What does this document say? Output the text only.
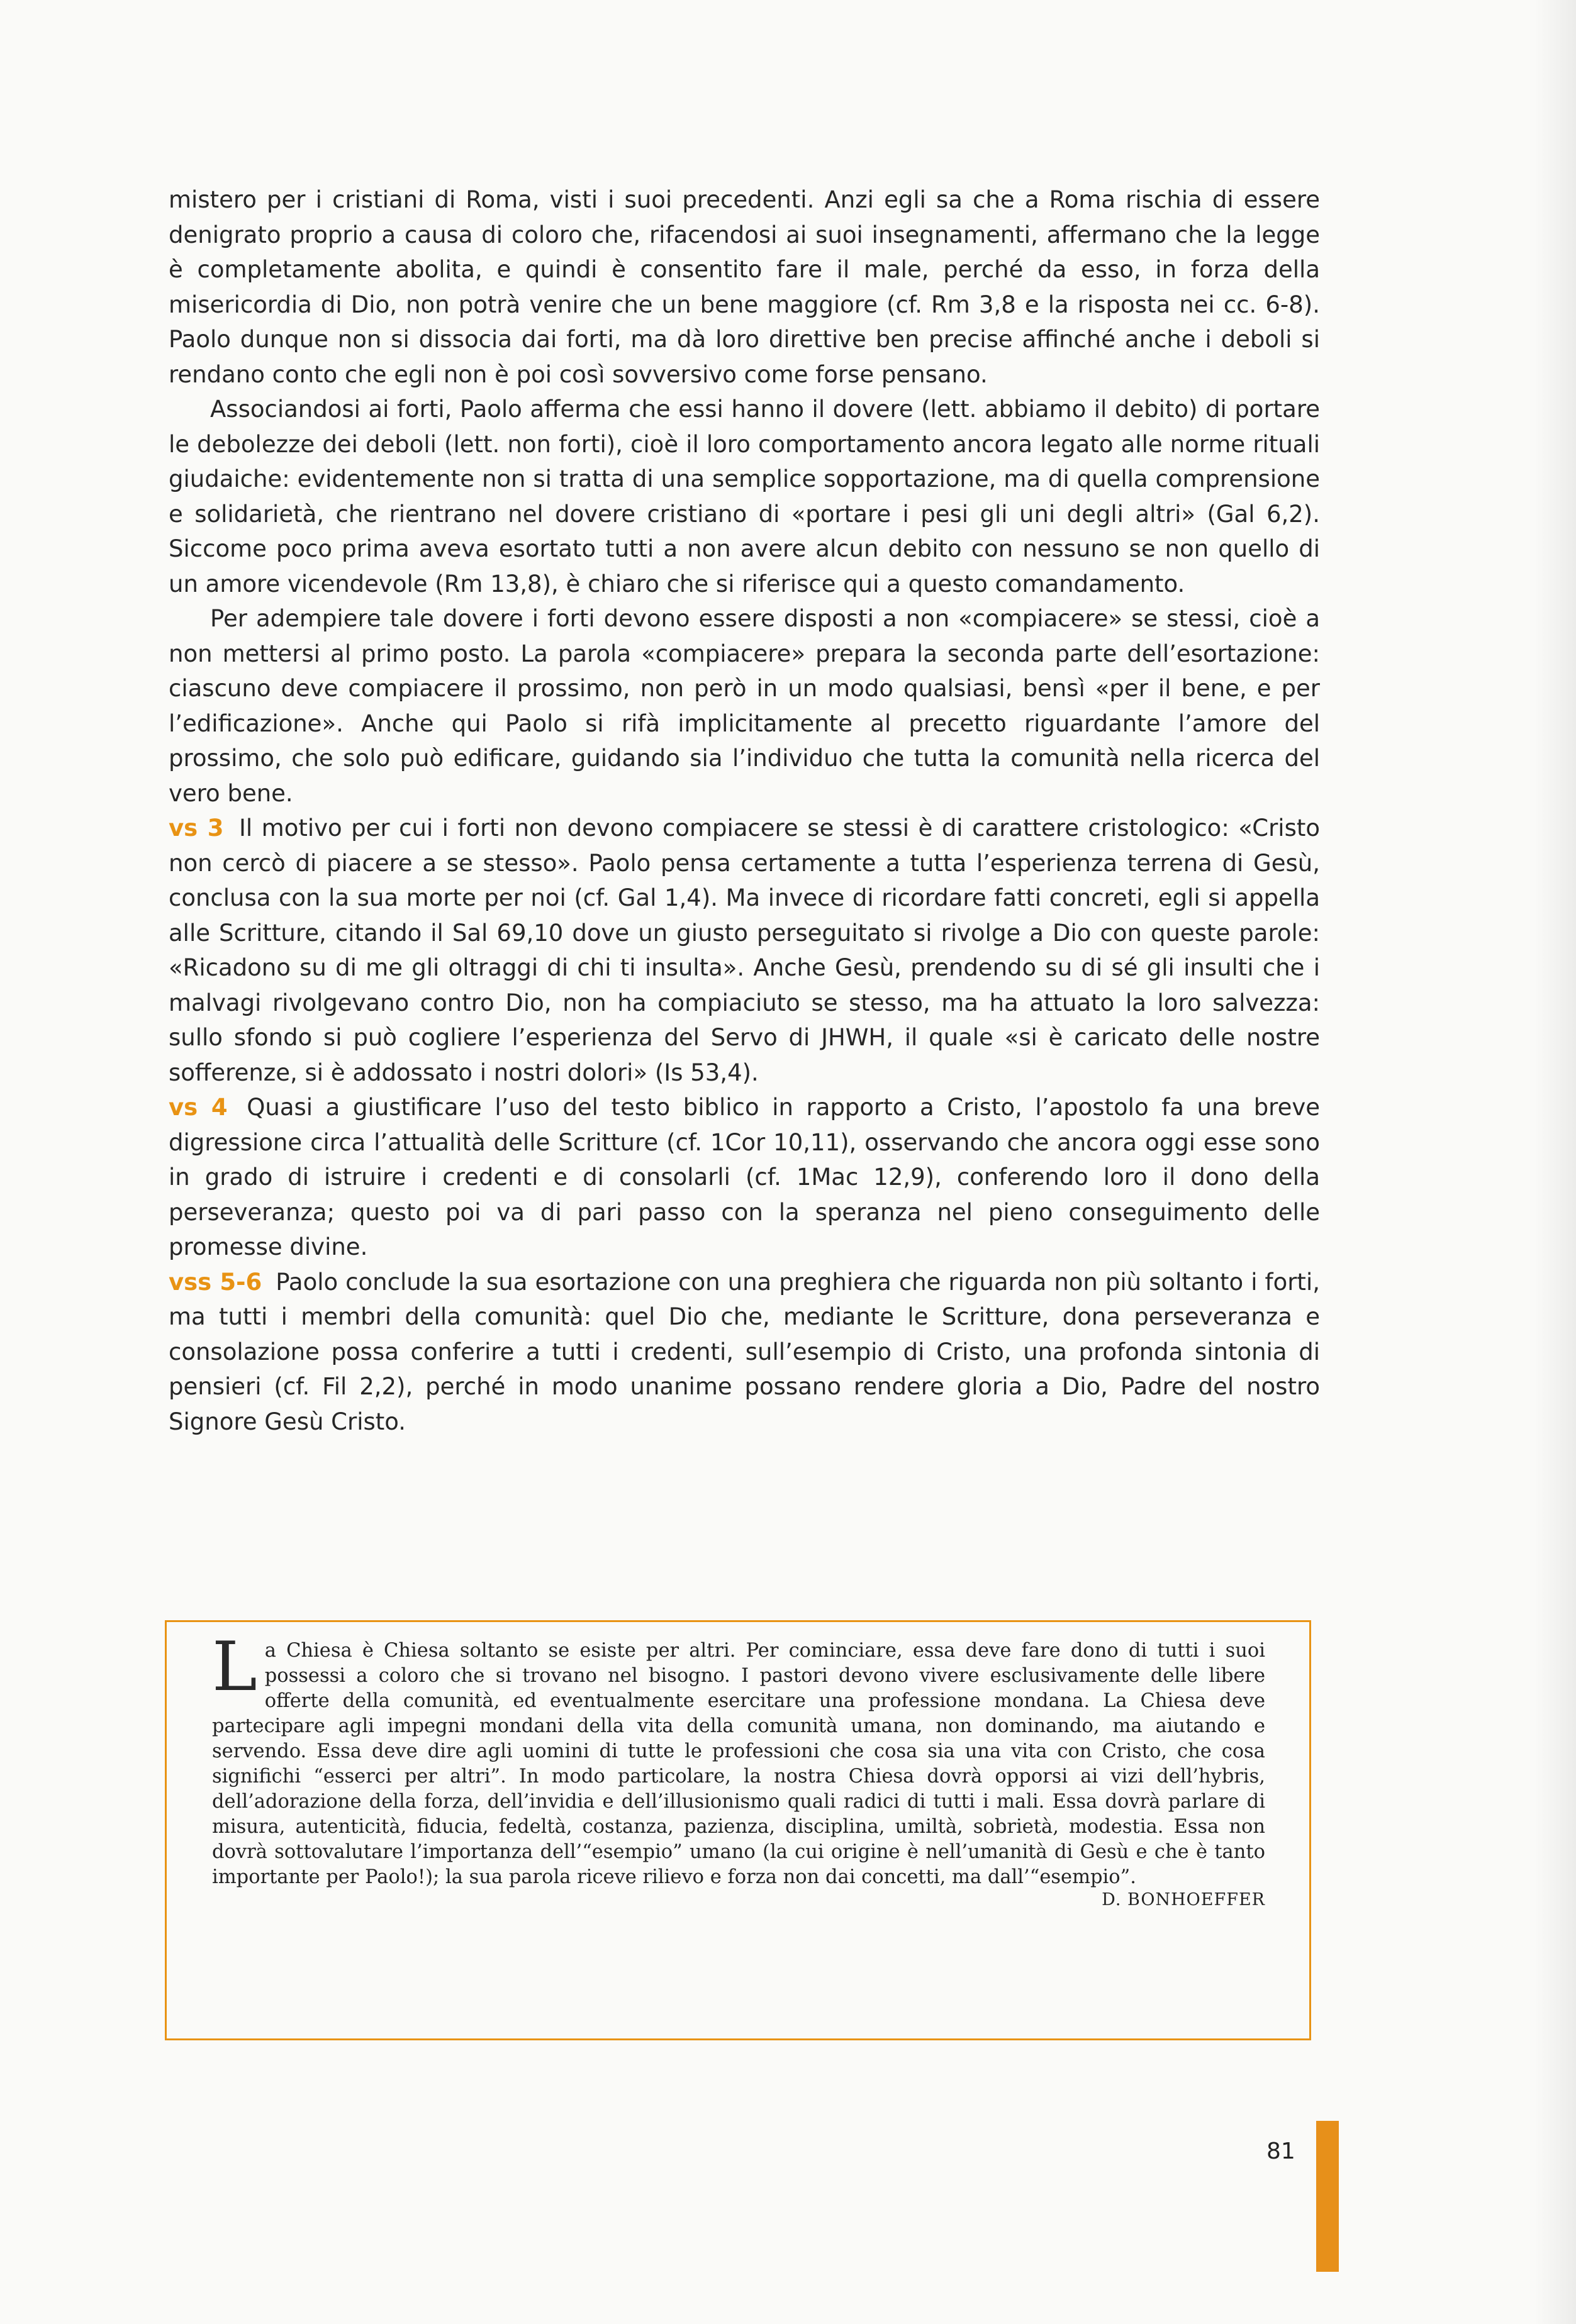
mistero per i cristiani di Roma, visti i suoi precedenti. Anzi egli sa che a Roma rischia di essere denigrato proprio a causa di coloro che, rifacendosi ai suoi insegnamenti, affermano che la legge è completamente abolita, e quindi è consentito fare il male, perché da esso, in forza della misericordia di Dio, non potrà venire che un bene maggiore (cf. Rm 3,8 e la risposta nei cc. 6-8). Paolo dunque non si dissocia dai forti, ma dà loro direttive ben precise affinché anche i deboli si rendano conto che egli non è poi così sovversivo come forse pensano.

Associandosi ai forti, Paolo afferma che essi hanno il dovere (lett. abbiamo il debito) di portare le debolezze dei deboli (lett. non forti), cioè il loro comportamento ancora legato alle norme rituali giudaiche: evidentemente non si tratta di una semplice sopportazione, ma di quella comprensione e solidarietà, che rientrano nel dovere cristiano di «portare i pesi gli uni degli altri» (Gal 6,2). Siccome poco prima aveva esortato tutti a non avere alcun debito con nessuno se non quello di un amore vicendevole (Rm 13,8), è chiaro che si riferisce qui a questo comandamento.

Per adempiere tale dovere i forti devono essere disposti a non «compiacere» se stessi, cioè a non mettersi al primo posto. La parola «compiacere» prepara la seconda parte dell’esortazione: ciascuno deve compiacere il prossimo, non però in un modo qualsiasi, bensì «per il bene, e per l’edificazione». Anche qui Paolo si rifà implicitamente al precetto riguardante l’amore del prossimo, che solo può edificare, guidando sia l’individuo che tutta la comunità nella ricerca del vero bene.

vs 3 Il motivo per cui i forti non devono compiacere se stessi è di carattere cristologico: «Cristo non cercò di piacere a se stesso». Paolo pensa certamente a tutta l’esperienza terrena di Gesù, conclusa con la sua morte per noi (cf. Gal 1,4). Ma invece di ricordare fatti concreti, egli si appella alle Scritture, citando il Sal 69,10 dove un giusto perseguitato si rivolge a Dio con queste parole: «Ricadono su di me gli oltraggi di chi ti insulta». Anche Gesù, prendendo su di sé gli insulti che i malvagi rivolgevano contro Dio, non ha compiaciuto se stesso, ma ha attuato la loro salvezza: sullo sfondo si può cogliere l’esperienza del Servo di JHWH, il quale «si è caricato delle nostre sofferenze, si è addossato i nostri dolori» (Is 53,4).

vs 4 Quasi a giustificare l’uso del testo biblico in rapporto a Cristo, l’apostolo fa una breve digressione circa l’attualità delle Scritture (cf. 1Cor 10,11), osservando che ancora oggi esse sono in grado di istruire i credenti e di consolarli (cf. 1Mac 12,9), conferendo loro il dono della perseveranza; questo poi va di pari passo con la speranza nel pieno conseguimento delle promesse divine.

vss 5-6 Paolo conclude la sua esortazione con una preghiera che riguarda non più soltanto i forti, ma tutti i membri della comunità: quel Dio che, mediante le Scritture, dona perseveranza e consolazione possa conferire a tutti i credenti, sull’esempio di Cristo, una profonda sintonia di pensieri (cf. Fil 2,2), perché in modo unanime possano rendere gloria a Dio, Padre del nostro Signore Gesù Cristo.

L a Chiesa è Chiesa soltanto se esiste per altri. Per cominciare, essa deve fare dono di tutti i suoi possessi a coloro che si trovano nel bisogno. I pastori devono vivere esclusivamente delle libere offerte della comunità, ed eventualmente esercitare una professione mondana. La Chiesa deve partecipare agli impegni mondani della vita della comunità umana, non dominando, ma aiutando e servendo. Essa deve dire agli uomini di tutte le professioni che cosa sia una vita con Cristo, che cosa significhi “esserci per altri”. In modo particolare, la nostra Chiesa dovrà opporsi ai vizi dell’hybris, dell’adorazione della forza, dell’invidia e dell’illusionismo quali radici di tutti i mali. Essa dovrà parlare di misura, autenticità, fiducia, fedeltà, costanza, pazienza, disciplina, umiltà, sobrietà, modestia. Essa non dovrà sottovalutare l’importanza dell’“esempio” umano (la cui origine è nell’umanità di Gesù e che è tanto importante per Paolo!); la sua parola riceve rilievo e forza non dai concetti, ma dall’“esempio”.
D. BONHOEFFER
81
